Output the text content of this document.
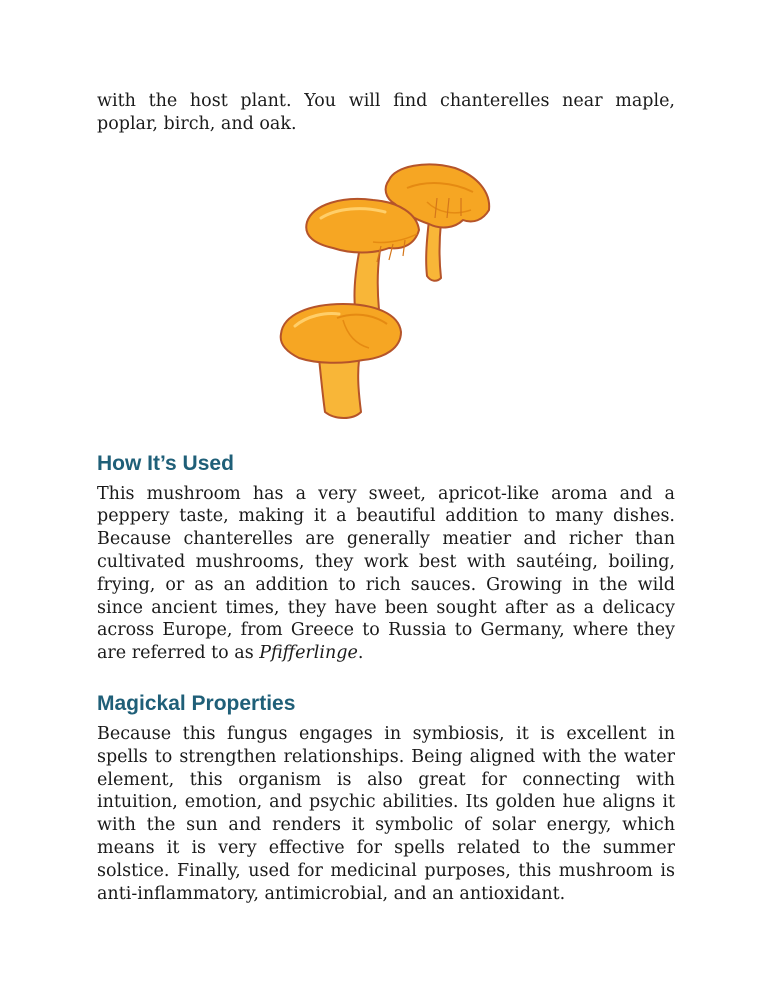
with the host plant. You will find chanterelles near maple, poplar, birch, and oak.

How It’s Used

This mushroom has a very sweet, apricot-like aroma and a peppery taste, making it a beautiful addition to many dishes. Because chanterelles are generally meatier and richer than cultivated mushrooms, they work best with sautéing, boiling, frying, or as an addition to rich sauces. Growing in the wild since ancient times, they have been sought after as a delicacy across Europe, from Greece to Russia to Germany, where they are referred to as Pfifferlinge.

Magickal Properties

Because this fungus engages in symbiosis, it is excellent in spells to strengthen relationships. Being aligned with the water element, this organism is also great for connecting with intuition, emotion, and psychic abilities. Its golden hue aligns it with the sun and renders it symbolic of solar energy, which means it is very effective for spells related to the summer solstice. Finally, used for medicinal purposes, this mushroom is anti-inflammatory, antimicrobial, and an antioxidant.
